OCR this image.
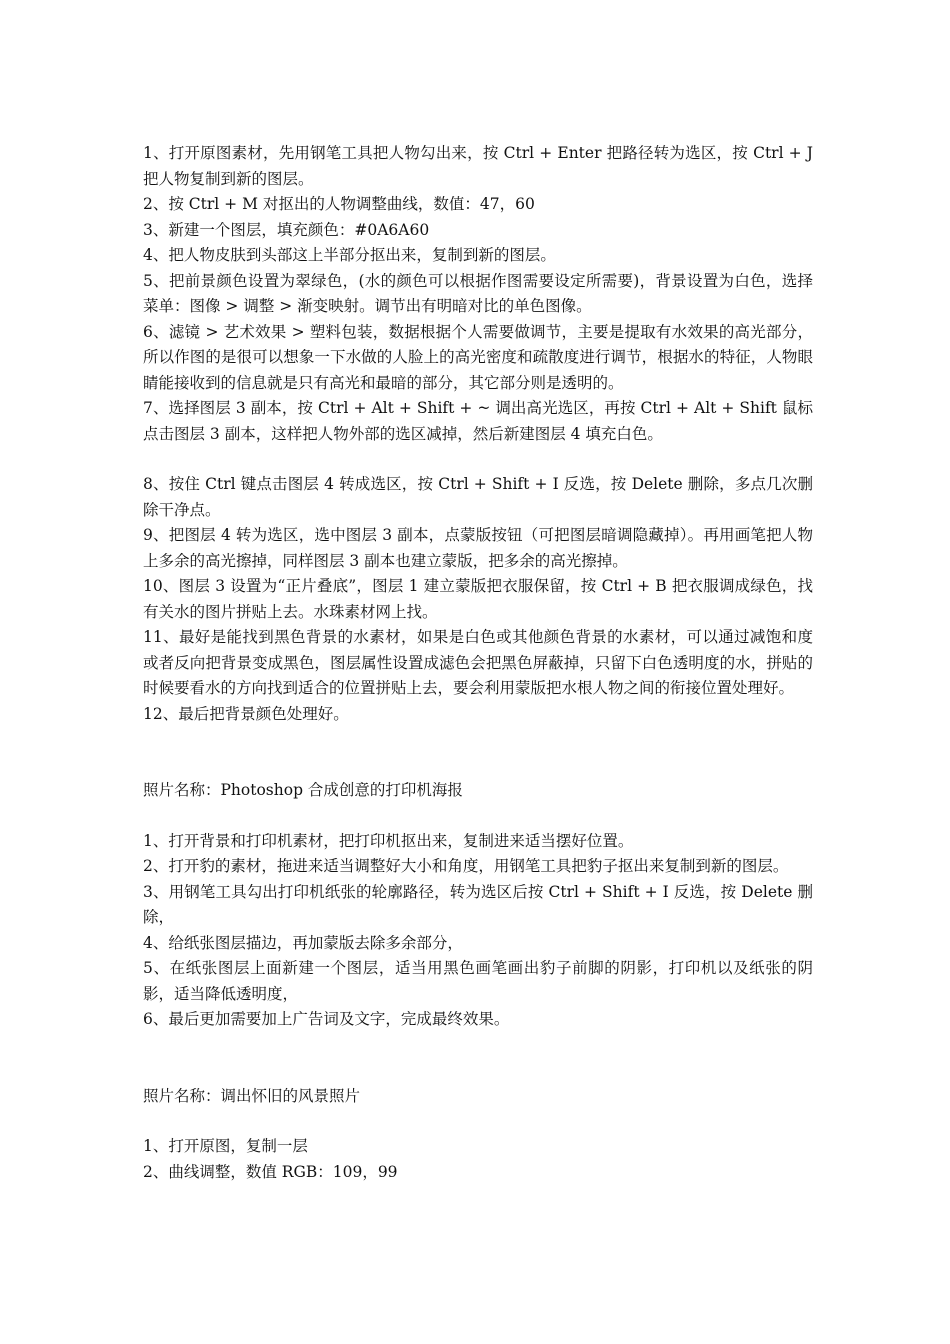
1、打开原图素材，先用钢笔工具把人物勾出来，按 Ctrl + Enter 把路径转为选区，按 Ctrl + J 把人物复制到新的图层。

2、按 Ctrl + M 对抠出的人物调整曲线，数值：47，60

3、新建一个图层，填充颜色：#0A6A60

4、把人物皮肤到头部这上半部分抠出来，复制到新的图层。

5、把前景颜色设置为翠绿色，(水的颜色可以根据作图需要设定所需要)，背景设置为白色，选择菜单：图像 > 调整 > 渐变映射。调节出有明暗对比的单色图像。

6、滤镜 > 艺术效果 > 塑料包装，数据根据个人需要做调节，主要是提取有水效果的高光部分，所以作图的是很可以想象一下水做的人脸上的高光密度和疏散度进行调节，根据水的特征，人物眼睛能接收到的信息就是只有高光和最暗的部分，其它部分则是透明的。

7、选择图层 3 副本，按 Ctrl + Alt + Shift + ~ 调出高光选区，再按 Ctrl + Alt + Shift 鼠标点击图层 3 副本，这样把人物外部的选区减掉，然后新建图层 4 填充白色。

8、按住 Ctrl 键点击图层 4 转成选区，按 Ctrl + Shift + I 反选，按 Delete 删除，多点几次删除干净点。

9、把图层 4 转为选区，选中图层 3 副本，点蒙版按钮（可把图层暗调隐藏掉）。再用画笔把人物上多余的高光擦掉，同样图层 3 副本也建立蒙版，把多余的高光擦掉。

10、图层 3 设置为“正片叠底”，图层 1 建立蒙版把衣服保留，按 Ctrl + B 把衣服调成绿色，找有关水的图片拼贴上去。水珠素材网上找。

11、最好是能找到黑色背景的水素材，如果是白色或其他颜色背景的水素材，可以通过减饱和度或者反向把背景变成黑色，图层属性设置成滤色会把黑色屏蔽掉，只留下白色透明度的水，拼贴的时候要看水的方向找到适合的位置拼贴上去，要会利用蒙版把水根人物之间的衔接位置处理好。

12、最后把背景颜色处理好。

照片名称：Photoshop 合成创意的打印机海报

1、打开背景和打印机素材，把打印机抠出来，复制进来适当摆好位置。

2、打开豹的素材，拖进来适当调整好大小和角度，用钢笔工具把豹子抠出来复制到新的图层。

3、用钢笔工具勾出打印机纸张的轮廓路径，转为选区后按 Ctrl + Shift + I 反选，按 Delete 删除，

4、给纸张图层描边，再加蒙版去除多余部分，

5、在纸张图层上面新建一个图层，适当用黑色画笔画出豹子前脚的阴影，打印机以及纸张的阴影，适当降低透明度，

6、最后更加需要加上广告词及文字，完成最终效果。

照片名称：调出怀旧的风景照片

1、打开原图，复制一层

2、曲线调整，数值 RGB：109，99
